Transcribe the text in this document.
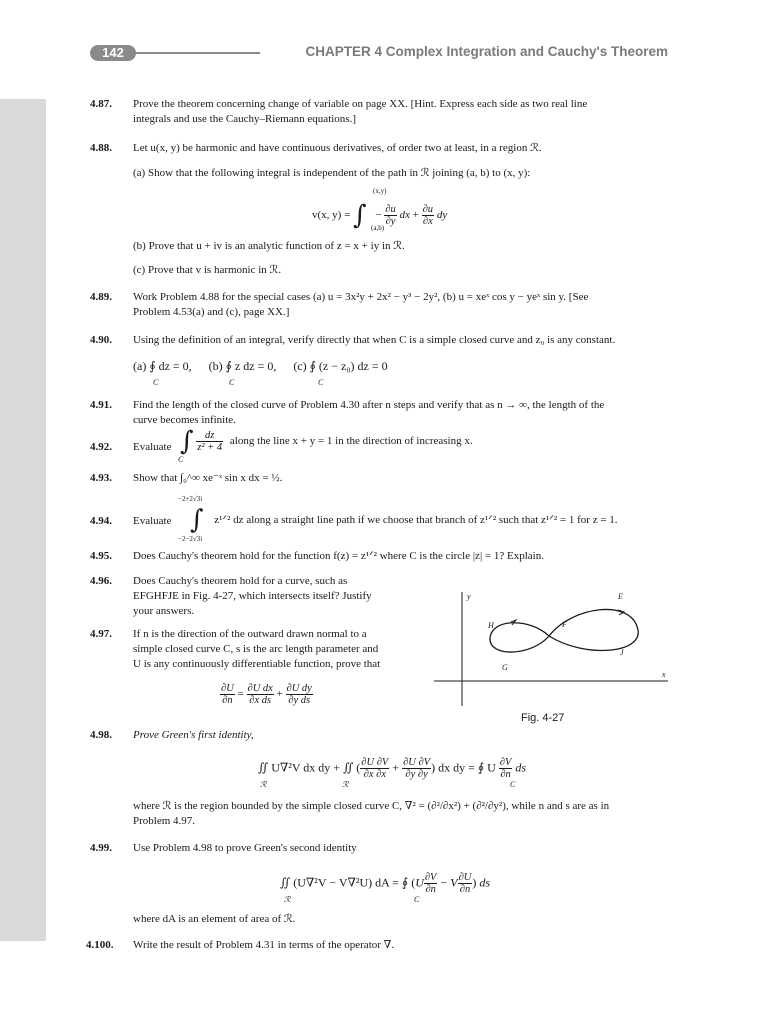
142	CHAPTER 4 Complex Integration and Cauchy's Theorem
4.87. Prove the theorem concerning change of variable on page XX. [Hint. Express each side as two real line
integrals and use the Cauchy–Riemann equations.]
4.88. Let u(x, y) be harmonic and have continuous derivatives, of order two at least, in a region ℛ.
(a) Show that the following integral is independent of the path in ℛ joining (a, b) to (x, y):
(x,y)
v(x, y) = ∫ − $\frac{\partial u}{\partial y}$ dx + $\frac{\partial u}{\partial x}$ dy
(a,b)
(b) Prove that u + iv is an analytic function of z = x + iy in ℛ.
(c) Prove that v is harmonic in ℛ.
4.89. Work Problem 4.88 for the special cases (a) u = 3x²y + 2x² − y³ − 2y², (b) u = xeˣ cos y − yeˣ sin y. [See
Problem 4.53(a) and (c), page XX.]
4.90. Using the definition of an integral, verify directly that when C is a simple closed curve and z₀ is any constant.
(a) ∮ dz = 0, (b) ∮ z dz = 0, (c) ∮ (z − z₀) dz = 0
C	C	C
4.91. Find the length of the closed curve of Problem 4.30 after n steps and verify that as n → ∞, the length of the
curve becomes infinite.
4.92. Evaluate ∫ $\frac{dz}{\text{z² + 4}}$ along the line x + y = 1 in the direction of increasing x.
C
4.93. Show that ∫₀^∞ xe⁻ˣ sin x dx = ½.
−2+2√3i
4.94. Evaluate ∫ z¹ᐟ² dz along a straight line path if we choose that branch of z¹ᐟ² such that z¹ᐟ² = 1 for z = 1.
−2−2√3i
4.95. Does Cauchy's theorem hold for the function f(z) = z¹ᐟ² where C is the circle |z| = 1? Explain.
4.96. Does Cauchy's theorem hold for a curve, such as
EFGHFJE in Fig. 4-27, which intersects itself? Justify
your answers.
4.97. If n is the direction of the outward drawn normal to a
simple closed curve C, s is the arc length parameter and
U is any continuously differentiable function, prove that
$\frac{\partial U}{\partial n} = \frac{\text{∂U dx}}{\text{∂x ds}} + \frac{\text{∂U dy}}{\text{∂y ds}}$
y
x
E
F
G
H
J
Fig. 4-27
4.98. Prove Green's first identity,
∬ U∇²V dx dy + ∬ ( $\frac{\partial U \partial V}{\partial x \partial x} + \frac{\partial U \partial V}{\partial y \partial y}$ ) dx dy = ∮ U $\frac{\partial V}{\partial n}$ ds
ℛ	ℛ	C
where ℛ is the region bounded by the simple closed curve C, ∇² = (∂²/∂x²) + (∂²/∂y²), while n and s are as in
Problem 4.97.
4.99. Use Problem 4.98 to prove Green's second identity
∬ (U∇²V − V∇²U) dA = ∮ ($U \frac{\partial V}{\partial n} - V \frac{\partial U}{\partial n}$ ) ds
ℛ	C
where dA is an element of area of ℛ.
4.100. Write the result of Problem 4.31 in terms of the operator ∇.
